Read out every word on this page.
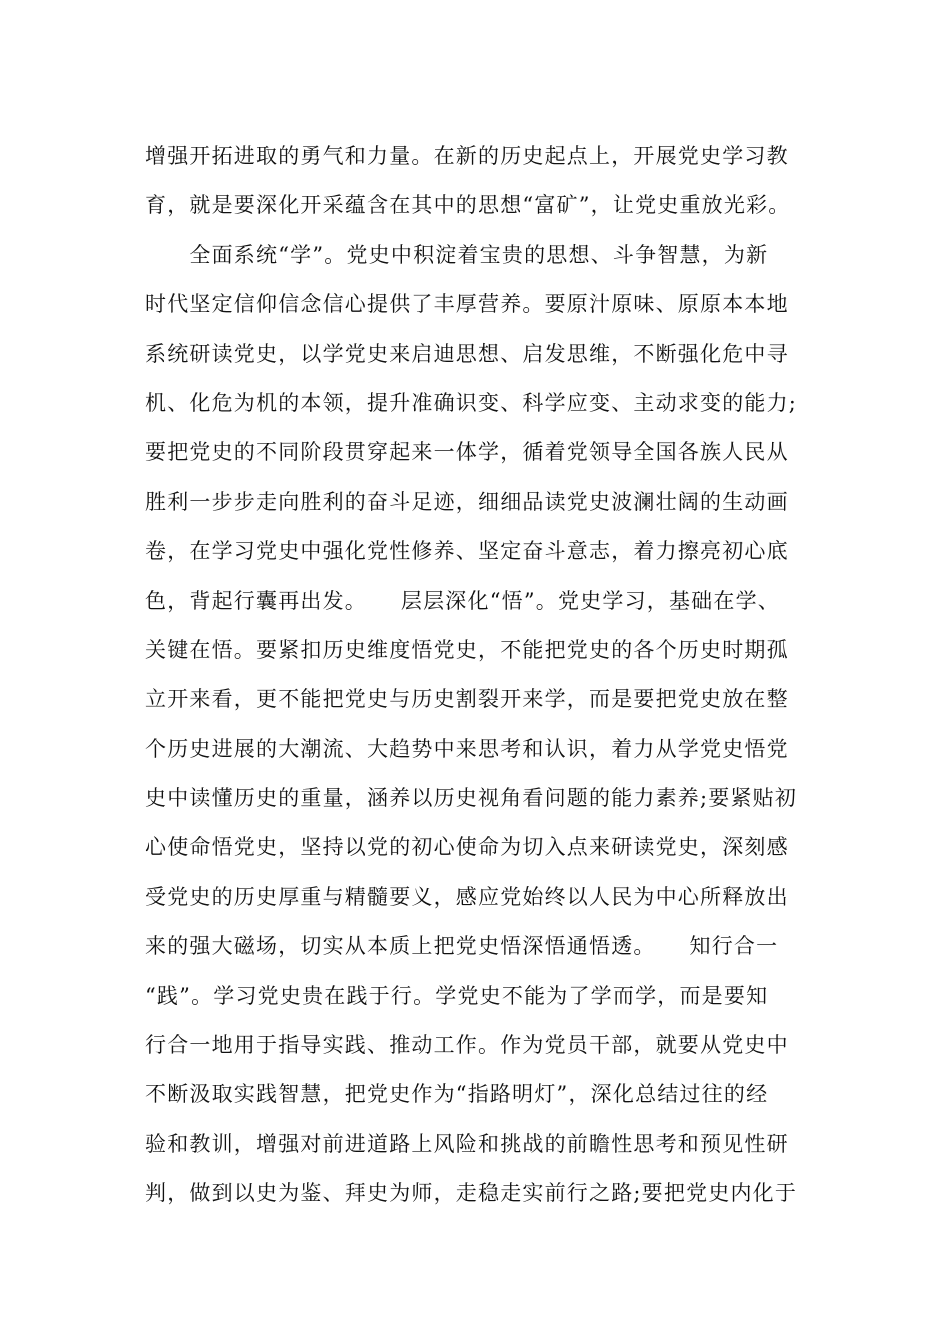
增强开拓进取的勇气和力量。在新的历史起点上，开展党史学习教
育，就是要深化开采蕴含在其中的思想“富矿”，让党史重放光彩。
　　全面系统“学”。党史中积淀着宝贵的思想、斗争智慧，为新
时代坚定信仰信念信心提供了丰厚营养。要原汁原味、原原本本地
系统研读党史，以学党史来启迪思想、启发思维，不断强化危中寻
机、化危为机的本领，提升准确识变、科学应变、主动求变的能力;
要把党史的不同阶段贯穿起来一体学，循着党领导全国各族人民从
胜利一步步走向胜利的奋斗足迹，细细品读党史波澜壮阔的生动画
卷，在学习党史中强化党性修养、坚定奋斗意志，着力擦亮初心底
色，背起行囊再出发。　　层层深化“悟”。党史学习，基础在学、
关键在悟。要紧扣历史维度悟党史，不能把党史的各个历史时期孤
立开来看，更不能把党史与历史割裂开来学，而是要把党史放在整
个历史进展的大潮流、大趋势中来思考和认识，着力从学党史悟党
史中读懂历史的重量，涵养以历史视角看问题的能力素养;要紧贴初
心使命悟党史，坚持以党的初心使命为切入点来研读党史，深刻感
受党史的历史厚重与精髓要义，感应党始终以人民为中心所释放出
来的强大磁场，切实从本质上把党史悟深悟通悟透。　　知行合一
“践”。学习党史贵在践于行。学党史不能为了学而学，而是要知
行合一地用于指导实践、推动工作。作为党员干部，就要从党史中
不断汲取实践智慧，把党史作为“指路明灯”，深化总结过往的经
验和教训，增强对前进道路上风险和挑战的前瞻性思考和预见性研
判，做到以史为鉴、拜史为师，走稳走实前行之路;要把党史内化于
